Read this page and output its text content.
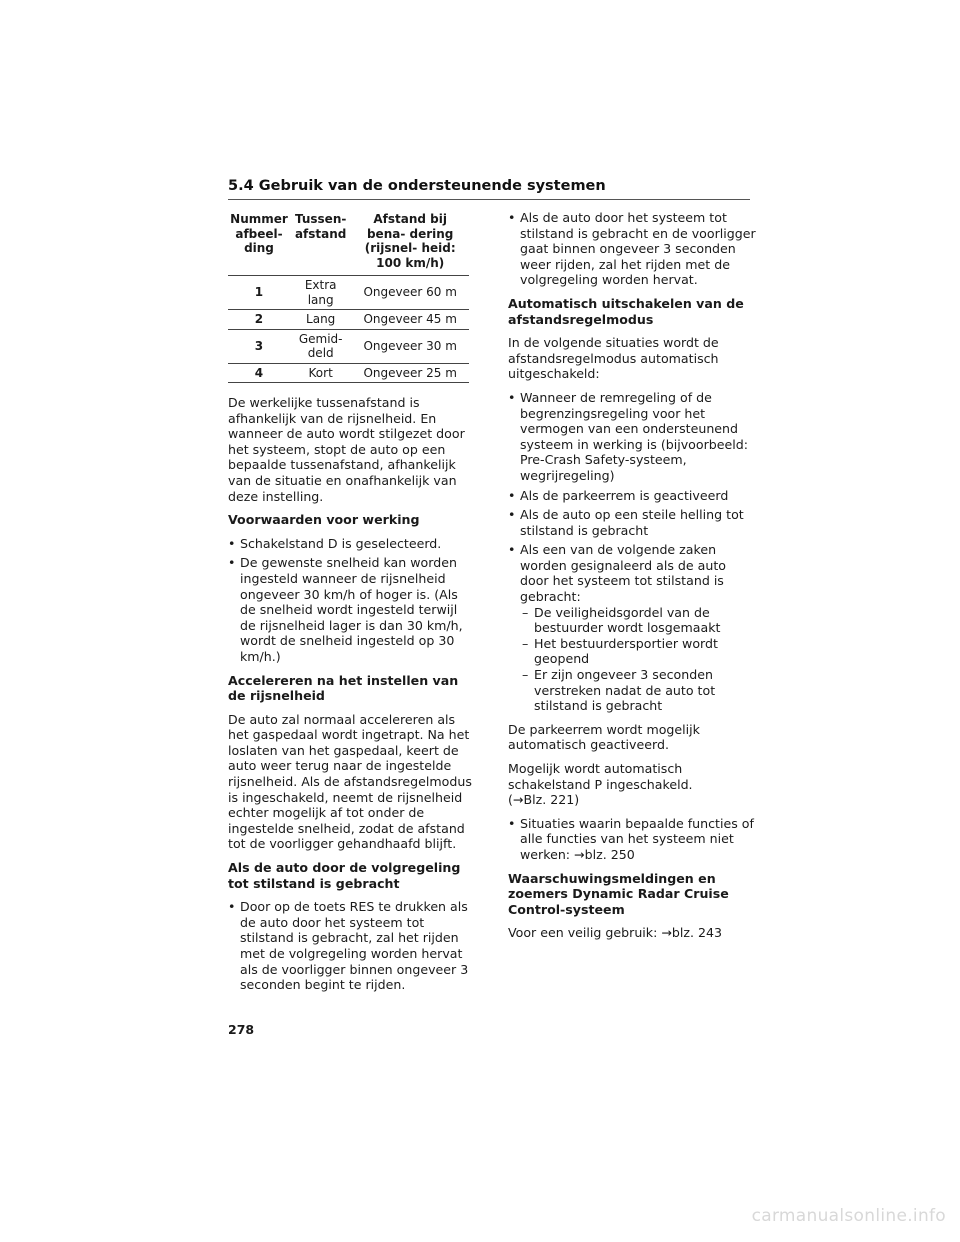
5.4 Gebruik van de ondersteunende systemen
Nummer afbeel- ding	Tussen- afstand	Afstand bij bena- dering (rijsnel- heid: 100 km/h)
1	Extra lang	Ongeveer 60 m
2	Lang	Ongeveer 45 m
3	Gemid- deld	Ongeveer 30 m
4	Kort	Ongeveer 25 m

De werkelijke tussenafstand is afhankelijk van de rijsnelheid. En wanneer de auto wordt stilgezet door het systeem, stopt de auto op een bepaalde tussenafstand, afhankelijk van de situatie en onafhankelijk van deze instelling.

Voorwaarden voor werking
• Schakelstand D is geselecteerd.
• De gewenste snelheid kan worden ingesteld wanneer de rijsnelheid ongeveer 30 km/h of hoger is. (Als de snelheid wordt ingesteld terwijl de rijsnelheid lager is dan 30 km/h, wordt de snelheid ingesteld op 30 km/h.)
Accelereren na het instellen van de rijsnelheid

De auto zal normaal accelereren als het gaspedaal wordt ingetrapt. Na het loslaten van het gaspedaal, keert de auto weer terug naar de ingestelde rijsnelheid. Als de afstandsregelmodus is ingeschakeld, neemt de rijsnelheid echter mogelijk af tot onder de ingestelde snelheid, zodat de afstand tot de voorligger gehandhaafd blijft.

Als de auto door de volgregeling tot stilstand is gebracht
• Door op de toets RES te drukken als de auto door het systeem tot stilstand is gebracht, zal het rijden met de volgregeling worden hervat als de voorligger binnen ongeveer 3 seconden begint te rijden.
• Als de auto door het systeem tot stilstand is gebracht en de voorligger gaat binnen ongeveer 3 seconden weer rijden, zal het rijden met de volgregeling worden hervat.
Automatisch uitschakelen van de afstandsregelmodus

In de volgende situaties wordt de afstandsregelmodus automatisch uitgeschakeld:

• Wanneer de remregeling of de begrenzingsregeling voor het vermogen van een ondersteunend systeem in werking is (bijvoorbeeld: Pre-Crash Safety-systeem, wegrijregeling)
• Als de parkeerrem is geactiveerd
• Als de auto op een steile helling tot stilstand is gebracht
• Als een van de volgende zaken worden gesignaleerd als de auto door het systeem tot stilstand is gebracht:
– De veiligheidsgordel van de bestuurder wordt losgemaakt
– Het bestuurdersportier wordt geopend
– Er zijn ongeveer 3 seconden verstreken nadat de auto tot stilstand is gebracht

De parkeerrem wordt mogelijk automatisch geactiveerd.

Mogelijk wordt automatisch schakelstand P ingeschakeld.
(→Blz. 221)

• Situaties waarin bepaalde functies of alle functies van het systeem niet werken: →blz. 250
Waarschuwingsmeldingen en zoemers Dynamic Radar Cruise Control-systeem

Voor een veilig gebruik: →blz. 243

278
carmanualsonline.info
